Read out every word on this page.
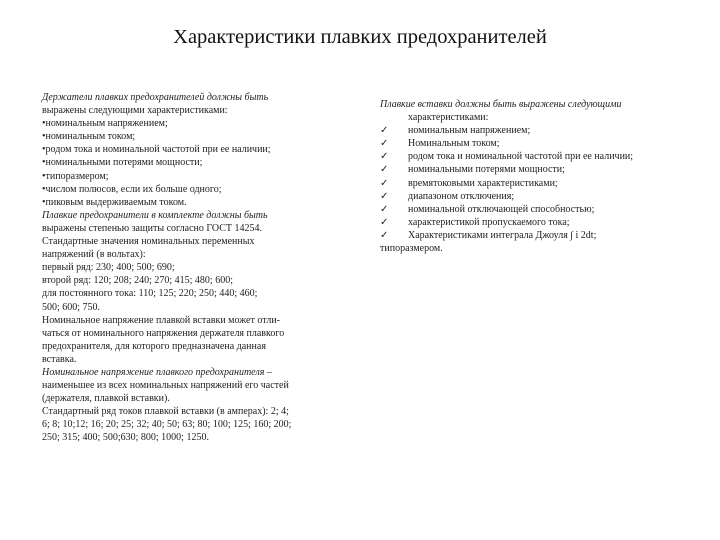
Характеристики плавких предохранителей
Держатели плавких предохранителей должны быть
выражены следующими характеристиками:
•номинальным напряжением;
•номинальным током;
•родом тока и номинальной частотой при ее наличии;
•номинальными потерями мощности;
•типоразмером;
•числом полюсов, если их больше одного;
•пиковым выдерживаемым током.
Плавкие предохранители в комплекте должны быть
выражены степенью защиты согласно ГОСТ 14254.
Стандартные значения номинальных переменных
напряжений (в вольтах):
первый ряд: 230; 400; 500; 690;
второй ряд: 120; 208; 240; 270; 415; 480; 600;
для постоянного тока: 110; 125; 220; 250; 440; 460;
500; 600; 750.
Номинальное напряжение плавкой вставки может отли-
чаться от номинального напряжения держателя плавкого
предохранителя, для которого предназначена данная
вставка.
Номинальное напряжение плавкого предохранителя –
наименьшее из всех номинальных напряжений его частей
(держателя, плавкой вставки).
Стандартный ряд токов плавкой вставки (в амперах): 2; 4;
6; 8; 10;12; 16; 20; 25; 32; 40; 50; 63; 80; 100; 125; 160; 200;
250; 315; 400; 500;630; 800; 1000; 1250.
Плавкие вставки должны быть выражены следующими
характеристиками:
✓	номинальным напряжением;
✓	Номинальным током;
✓	родом тока и номинальной частотой при ее наличии;
✓	номинальными потерями мощности;
✓	времятоковыми характеристиками;
✓	диапазоном отключения;
✓	номинальной отключающей способностью;
✓	характеристикой пропускаемого тока;
✓	Характеристиками интеграла Джоуля ∫ i 2dt;
типоразмером.
